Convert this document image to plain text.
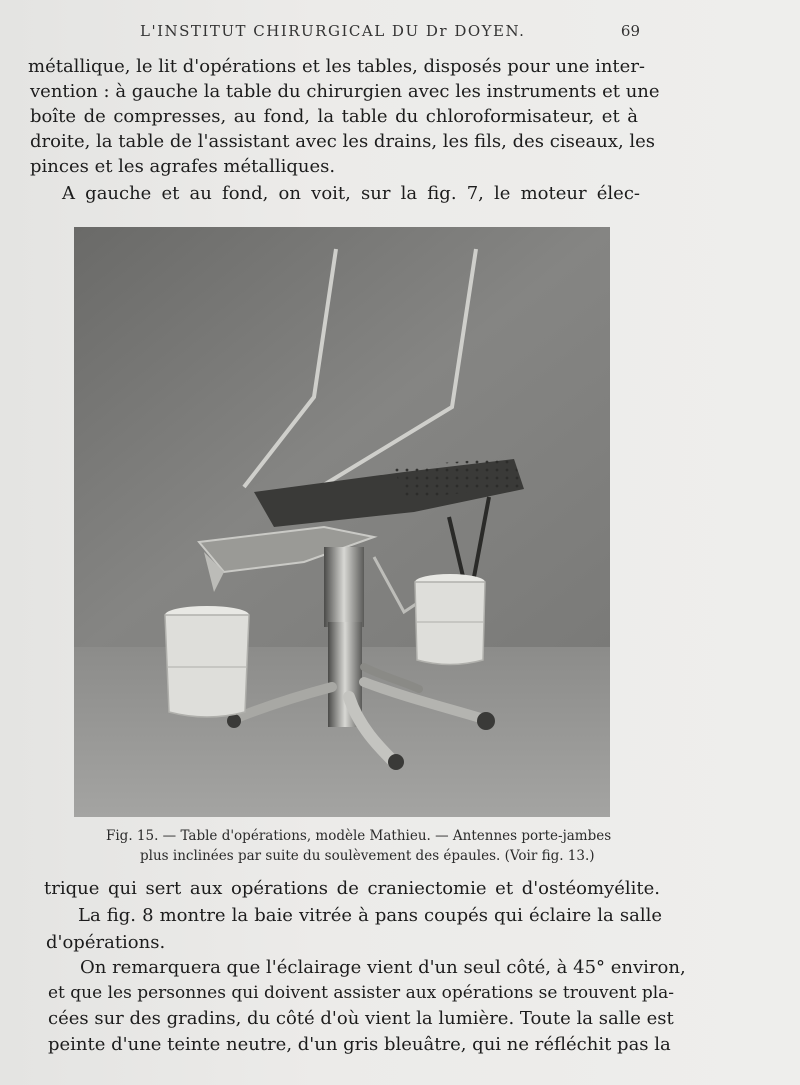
L'INSTITUT CHIRURGICAL DU Dr DOYEN.	69
métallique, le lit d'opérations et les tables, disposés pour une inter-
vention : à gauche la table du chirurgien avec les instruments et une
boîte de compresses, au fond, la table du chloroformisateur, et à
droite, la table de l'assistant avec les drains, les fils, des ciseaux, les
pinces et les agrafes métalliques.
A gauche et au fond, on voit, sur la fig. 7, le moteur élec-
Fig. 15. — Table d'opérations, modèle Mathieu. — Antennes porte-jambes
plus inclinées par suite du soulèvement des épaules. (Voir fig. 13.)
trique qui sert aux opérations de craniectomie et d'ostéomyélite.
La fig. 8 montre la baie vitrée à pans coupés qui éclaire la salle
d'opérations.
On remarquera que l'éclairage vient d'un seul côté, à 45° environ,
et que les personnes qui doivent assister aux opérations se trouvent pla-
cées sur des gradins, du côté d'où vient la lumière. Toute la salle est
peinte d'une teinte neutre, d'un gris bleuâtre, qui ne réfléchit pas la
